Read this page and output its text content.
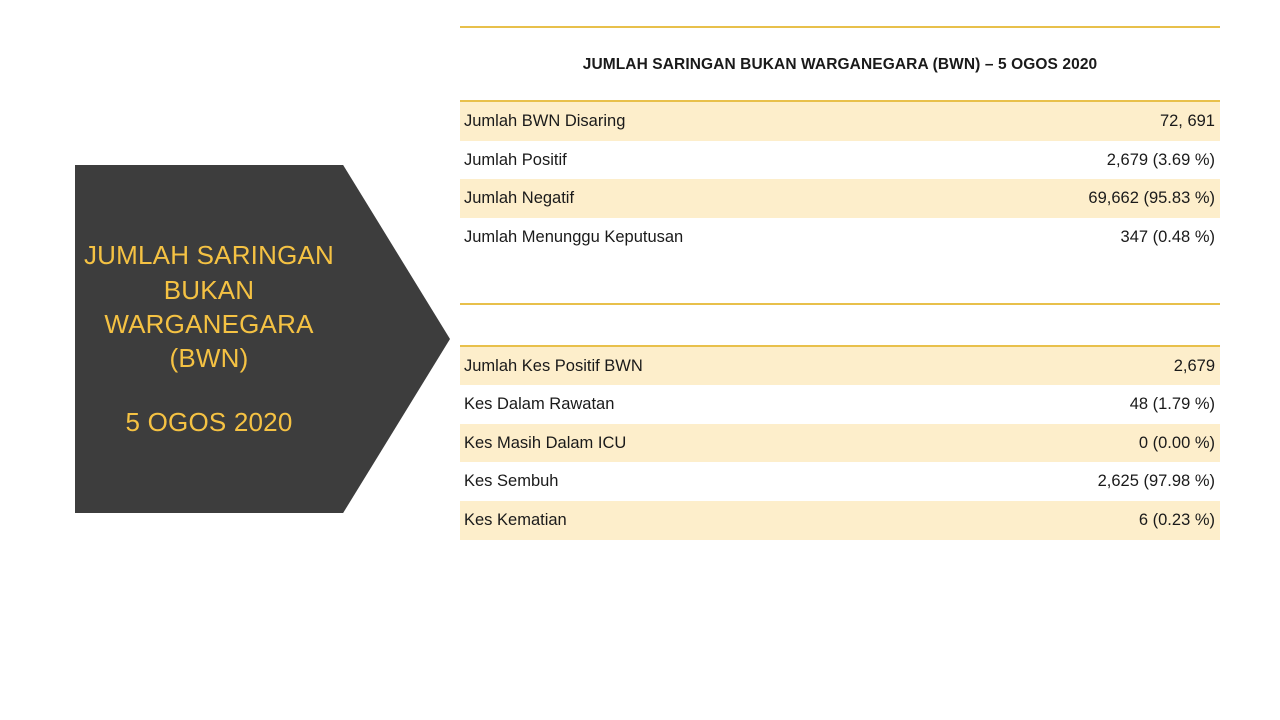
JUMLAH SARINGAN BUKAN WARGANEGARA (BWN)
5 OGOS 2020
JUMLAH SARINGAN BUKAN WARGANEGARA (BWN) – 5 OGOS 2020
Jumlah BWN Disaring	72, 691
Jumlah Positif	2,679 (3.69 %)
Jumlah Negatif	69,662 (95.83 %)
Jumlah Menunggu Keputusan	347 (0.48 %)
Jumlah Kes Positif BWN	2,679
Kes Dalam Rawatan	48 (1.79 %)
Kes Masih Dalam ICU	0 (0.00 %)
Kes Sembuh	2,625 (97.98 %)
Kes Kematian	6 (0.23 %)
